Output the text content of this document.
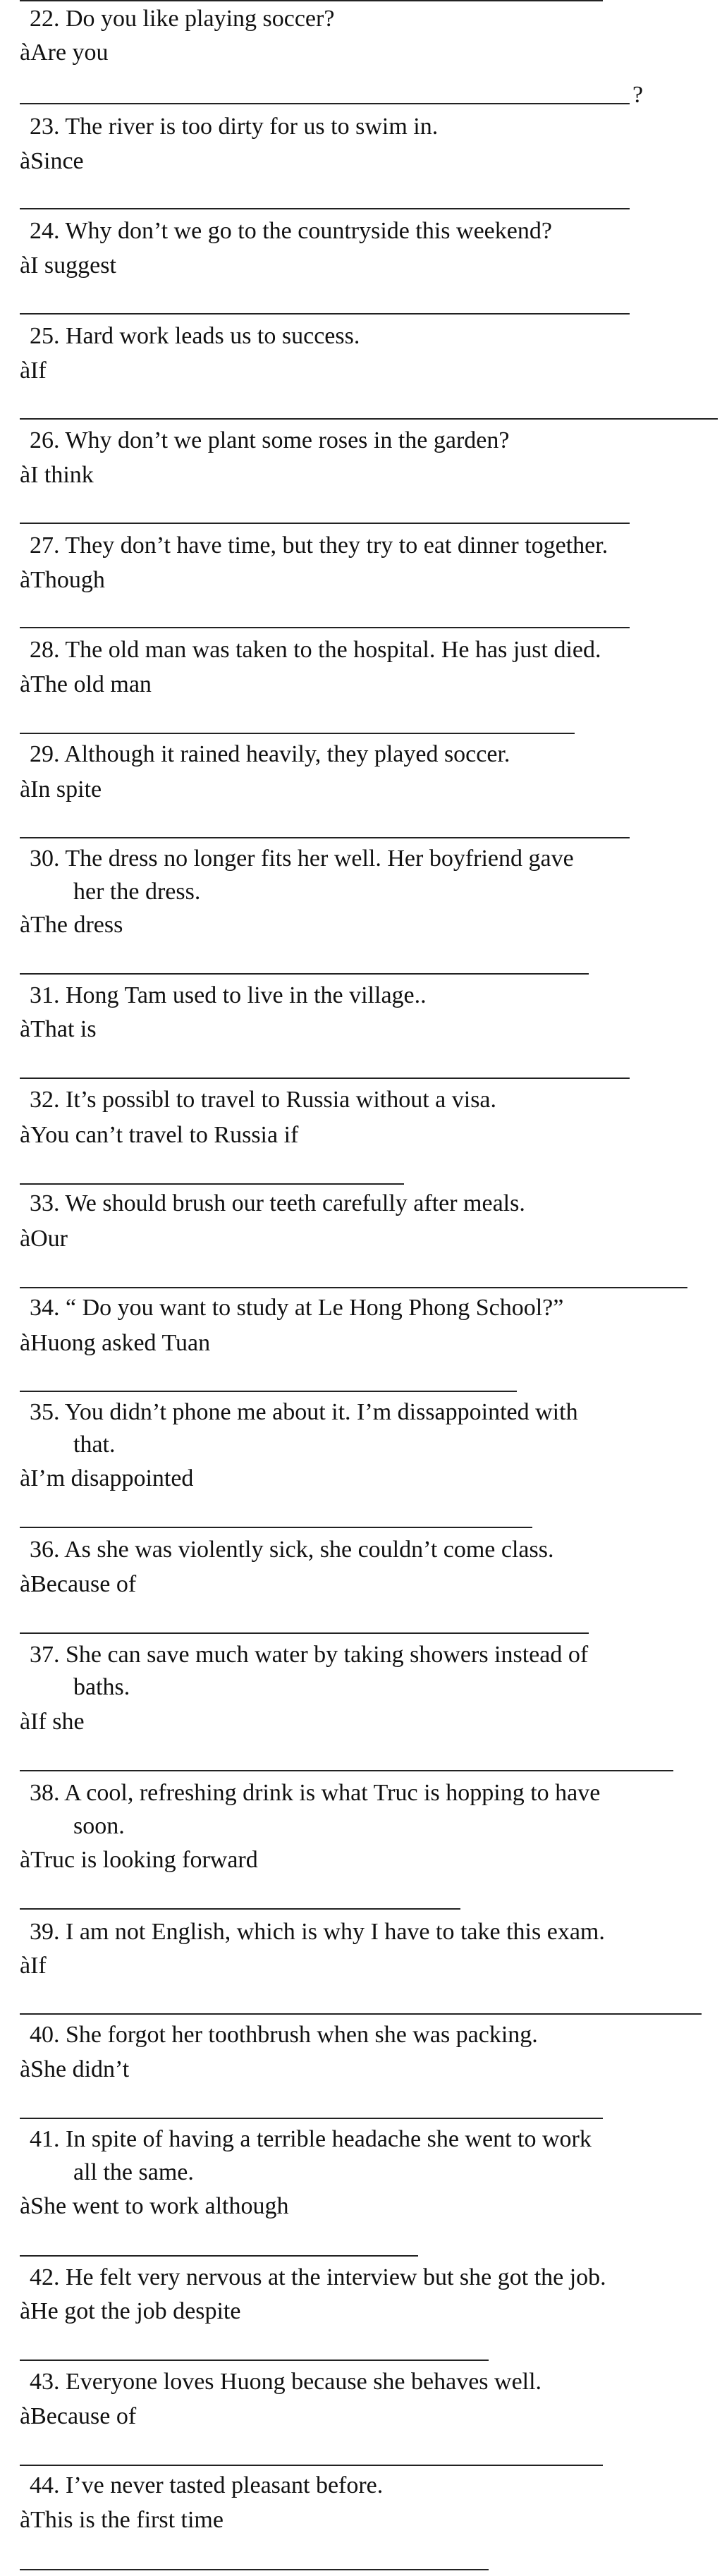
22. Do you like playing soccer?
àAre you
?
23. The river is too dirty for us to swim in.
àSince
24. Why don’t we go to the countryside this weekend?
àI suggest
25. Hard work leads us to success.
àIf
26. Why don’t we plant some roses in the garden?
àI think
27. They don’t have time, but they try to eat dinner together.
àThough
28. The old man was taken to the hospital. He has just died.
àThe old man
29. Although it rained heavily, they played soccer.
àIn spite
30. The dress no longer fits her well. Her boyfriend gave
her the dress.
àThe dress
31. Hong Tam used to live in the village..
àThat is
32. It’s possibl to travel to Russia without a visa.
àYou can’t travel to Russia if
33. We should brush our teeth carefully after meals.
àOur
34. “ Do you want to study at Le Hong Phong School?”
àHuong asked Tuan
35. You didn’t phone me about it. I’m dissappointed with
that.
àI’m disappointed
36. As she was violently sick, she couldn’t come class.
àBecause of
37. She can save much water by taking showers instead of
baths.
àIf she
38. A cool, refreshing drink is what Truc is hopping to have
soon.
àTruc is looking forward
39. I am not English, which is why I have to take this exam.
àIf
40. She forgot her toothbrush when she was packing.
àShe didn’t
41. In spite of having a terrible headache she went to work
all the same.
àShe went to work although
42. He felt very nervous at the interview but she got the job.
àHe got the job despite
43. Everyone loves Huong because she behaves well.
àBecause of
44. I’ve never tasted pleasant before.
àThis is the first time
